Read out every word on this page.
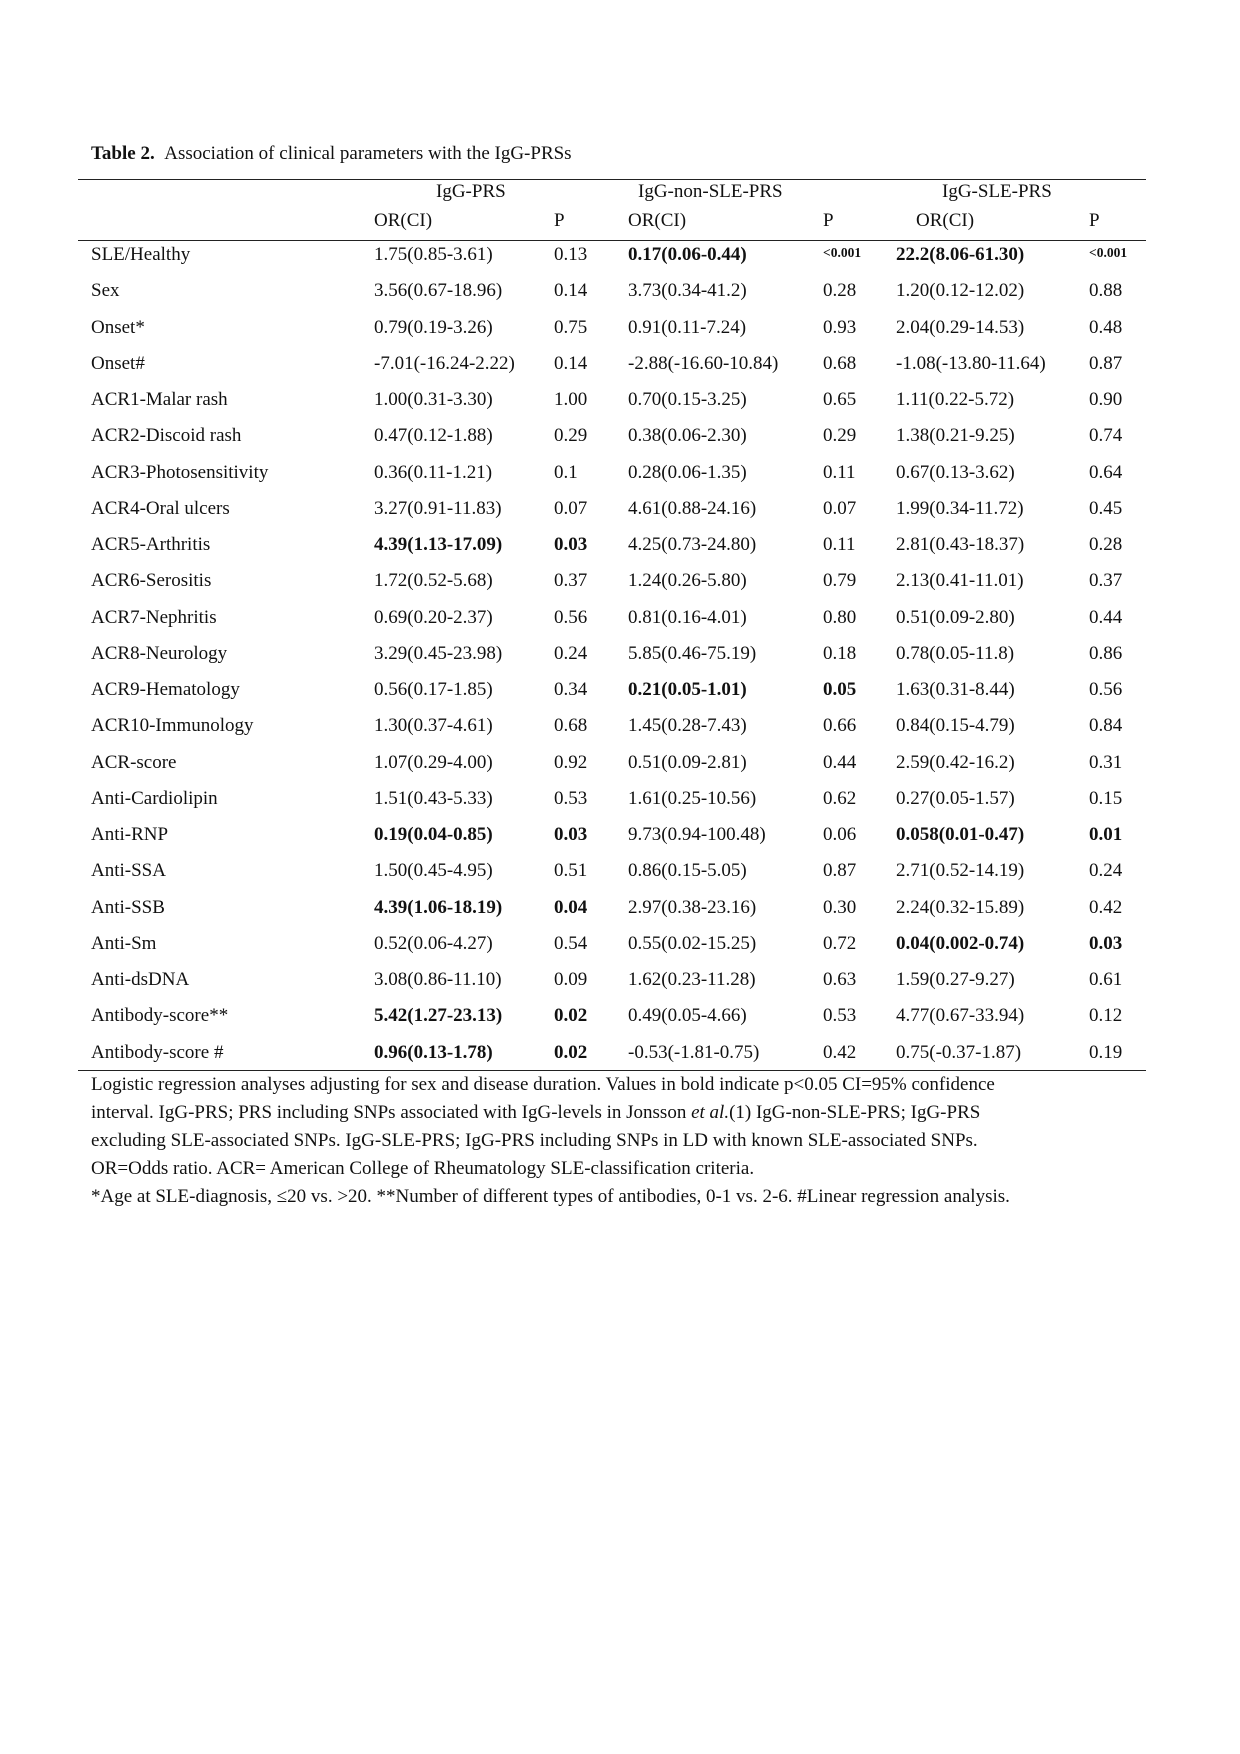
Table 2. Association of clinical parameters with the IgG-PRSs
IgG-PRS	IgG-non-SLE-PRS	IgG-SLE-PRS
OR(CI)	P	OR(CI)	P	OR(CI)	P
SLE/Healthy	1.75(0.85-3.61)	0.13 0.17(0.06-0.44)	<0.001 22.2(8.06-61.30)	<0.001
Sex	3.56(0.67-18.96)	0.14 3.73(0.34-41.2)	0.28 1.20(0.12-12.02)	0.88
Onset*	0.79(0.19-3.26)	0.75 0.91(0.11-7.24)	0.93 2.04(0.29-14.53)	0.48
Onset#	-7.01(-16.24-2.22) 0.14 -2.88(-16.60-10.84) 0.68 -1.08(-13.80-11.64) 0.87
ACR1-Malar rash	1.00(0.31-3.30)	1.00 0.70(0.15-3.25)	0.65 1.11(0.22-5.72)	0.90
ACR2-Discoid rash	0.47(0.12-1.88)	0.29 0.38(0.06-2.30)	0.29 1.38(0.21-9.25)	0.74
ACR3-Photosensitivity	0.36(0.11-1.21)	0.1	0.28(0.06-1.35)	0.11 0.67(0.13-3.62)	0.64
ACR4-Oral ulcers	3.27(0.91-11.83)	0.07 4.61(0.88-24.16)	0.07 1.99(0.34-11.72)	0.45
ACR5-Arthritis	4.39(1.13-17.09)	0.03 4.25(0.73-24.80)	0.11 2.81(0.43-18.37)	0.28
ACR6-Serositis	1.72(0.52-5.68)	0.37 1.24(0.26-5.80)	0.79 2.13(0.41-11.01)	0.37
ACR7-Nephritis	0.69(0.20-2.37)	0.56 0.81(0.16-4.01)	0.80 0.51(0.09-2.80)	0.44
ACR8-Neurology	3.29(0.45-23.98)	0.24 5.85(0.46-75.19)	0.18 0.78(0.05-11.8)	0.86
ACR9-Hematology	0.56(0.17-1.85)	0.34 0.21(0.05-1.01)	0.05 1.63(0.31-8.44)	0.56
ACR10-Immunology	1.30(0.37-4.61)	0.68 1.45(0.28-7.43)	0.66 0.84(0.15-4.79)	0.84
ACR-score	1.07(0.29-4.00)	0.92 0.51(0.09-2.81)	0.44 2.59(0.42-16.2)	0.31
Anti-Cardiolipin	1.51(0.43-5.33)	0.53 1.61(0.25-10.56)	0.62 0.27(0.05-1.57)	0.15
Anti-RNP	0.19(0.04-0.85)	0.03 9.73(0.94-100.48)	0.06 0.058(0.01-0.47)	0.01
Anti-SSA	1.50(0.45-4.95)	0.51 0.86(0.15-5.05)	0.87 2.71(0.52-14.19)	0.24
Anti-SSB	4.39(1.06-18.19)	0.04 2.97(0.38-23.16)	0.30 2.24(0.32-15.89)	0.42
Anti-Sm	0.52(0.06-4.27)	0.54 0.55(0.02-15.25)	0.72 0.04(0.002-0.74)	0.03
Anti-dsDNA	3.08(0.86-11.10)	0.09 1.62(0.23-11.28)	0.63 1.59(0.27-9.27)	0.61
Antibody-score**	5.42(1.27-23.13)	0.02 0.49(0.05-4.66)	0.53 4.77(0.67-33.94)	0.12
Antibody-score #	0.96(0.13-1.78)	0.02 -0.53(-1.81-0.75)	0.42 0.75(-0.37-1.87)	0.19

Logistic regression analyses adjusting for sex and disease duration. Values in bold indicate p<0.05 CI=95% confidence

interval. IgG-PRS; PRS including SNPs associated with IgG-levels in Jonsson et al.(1) IgG-non-SLE-PRS; IgG-PRS

excluding SLE-associated SNPs. IgG-SLE-PRS; IgG-PRS including SNPs in LD with known SLE-associated SNPs.

OR=Odds ratio. ACR= American College of Rheumatology SLE-classification criteria.

*Age at SLE-diagnosis, ≤20 vs. >20. **Number of different types of antibodies, 0-1 vs. 2-6. #Linear regression analysis.
